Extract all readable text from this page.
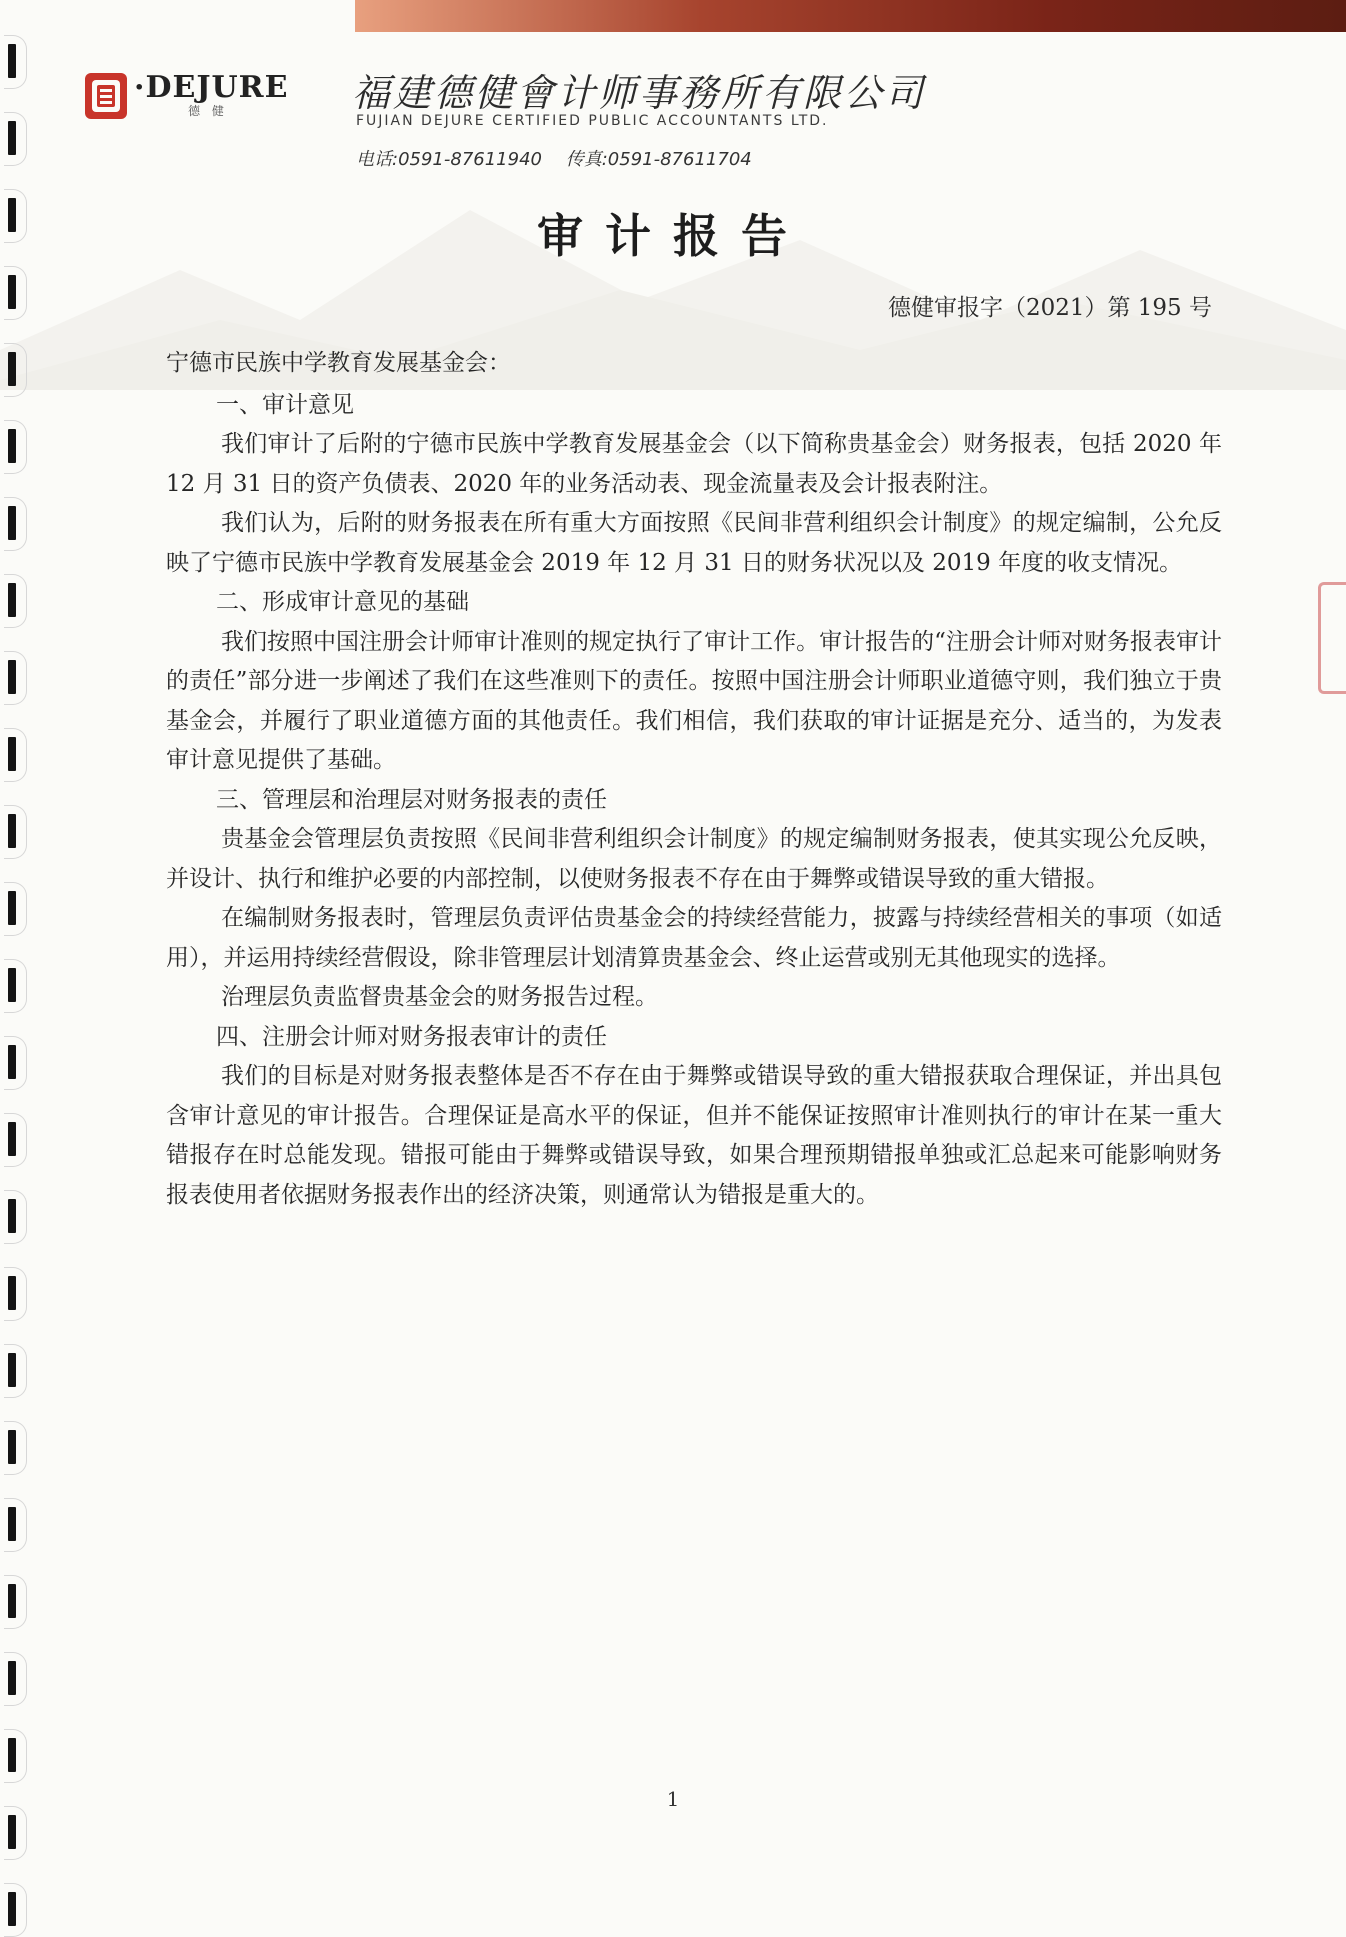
·DEJURE
德 健	福建德健會计师事務所有限公司
FUJIAN DEJURE CERTIFIED PUBLIC ACCOUNTANTS LTD.
电话:0591-87611940 传真:0591-87611704
审计报告
德健审报字（2021）第 195 号

宁德市民族中学教育发展基金会：

一、审计意见

我们审计了后附的宁德市民族中学教育发展基金会（以下简称贵基金会）财务报表，包括 2020 年 12 月 31 日的资产负债表、2020 年的业务活动表、现金流量表及会计报表附注。

我们认为，后附的财务报表在所有重大方面按照《民间非营利组织会计制度》的规定编制，公允反映了宁德市民族中学教育发展基金会 2019 年 12 月 31 日的财务状况以及 2019 年度的收支情况。

二、形成审计意见的基础

我们按照中国注册会计师审计准则的规定执行了审计工作。审计报告的“注册会计师对财务报表审计的责任”部分进一步阐述了我们在这些准则下的责任。按照中国注册会计师职业道德守则，我们独立于贵基金会，并履行了职业道德方面的其他责任。我们相信，我们获取的审计证据是充分、适当的，为发表审计意见提供了基础。

三、管理层和治理层对财务报表的责任

贵基金会管理层负责按照《民间非营利组织会计制度》的规定编制财务报表，使其实现公允反映，并设计、执行和维护必要的内部控制，以使财务报表不存在由于舞弊或错误导致的重大错报。

在编制财务报表时，管理层负责评估贵基金会的持续经营能力，披露与持续经营相关的事项（如适用），并运用持续经营假设，除非管理层计划清算贵基金会、终止运营或别无其他现实的选择。

治理层负责监督贵基金会的财务报告过程。

四、注册会计师对财务报表审计的责任

我们的目标是对财务报表整体是否不存在由于舞弊或错误导致的重大错报获取合理保证，并出具包含审计意见的审计报告。合理保证是高水平的保证，但并不能保证按照审计准则执行的审计在某一重大错报存在时总能发现。错报可能由于舞弊或错误导致，如果合理预期错报单独或汇总起来可能影响财务报表使用者依据财务报表作出的经济决策，则通常认为错报是重大的。

1
